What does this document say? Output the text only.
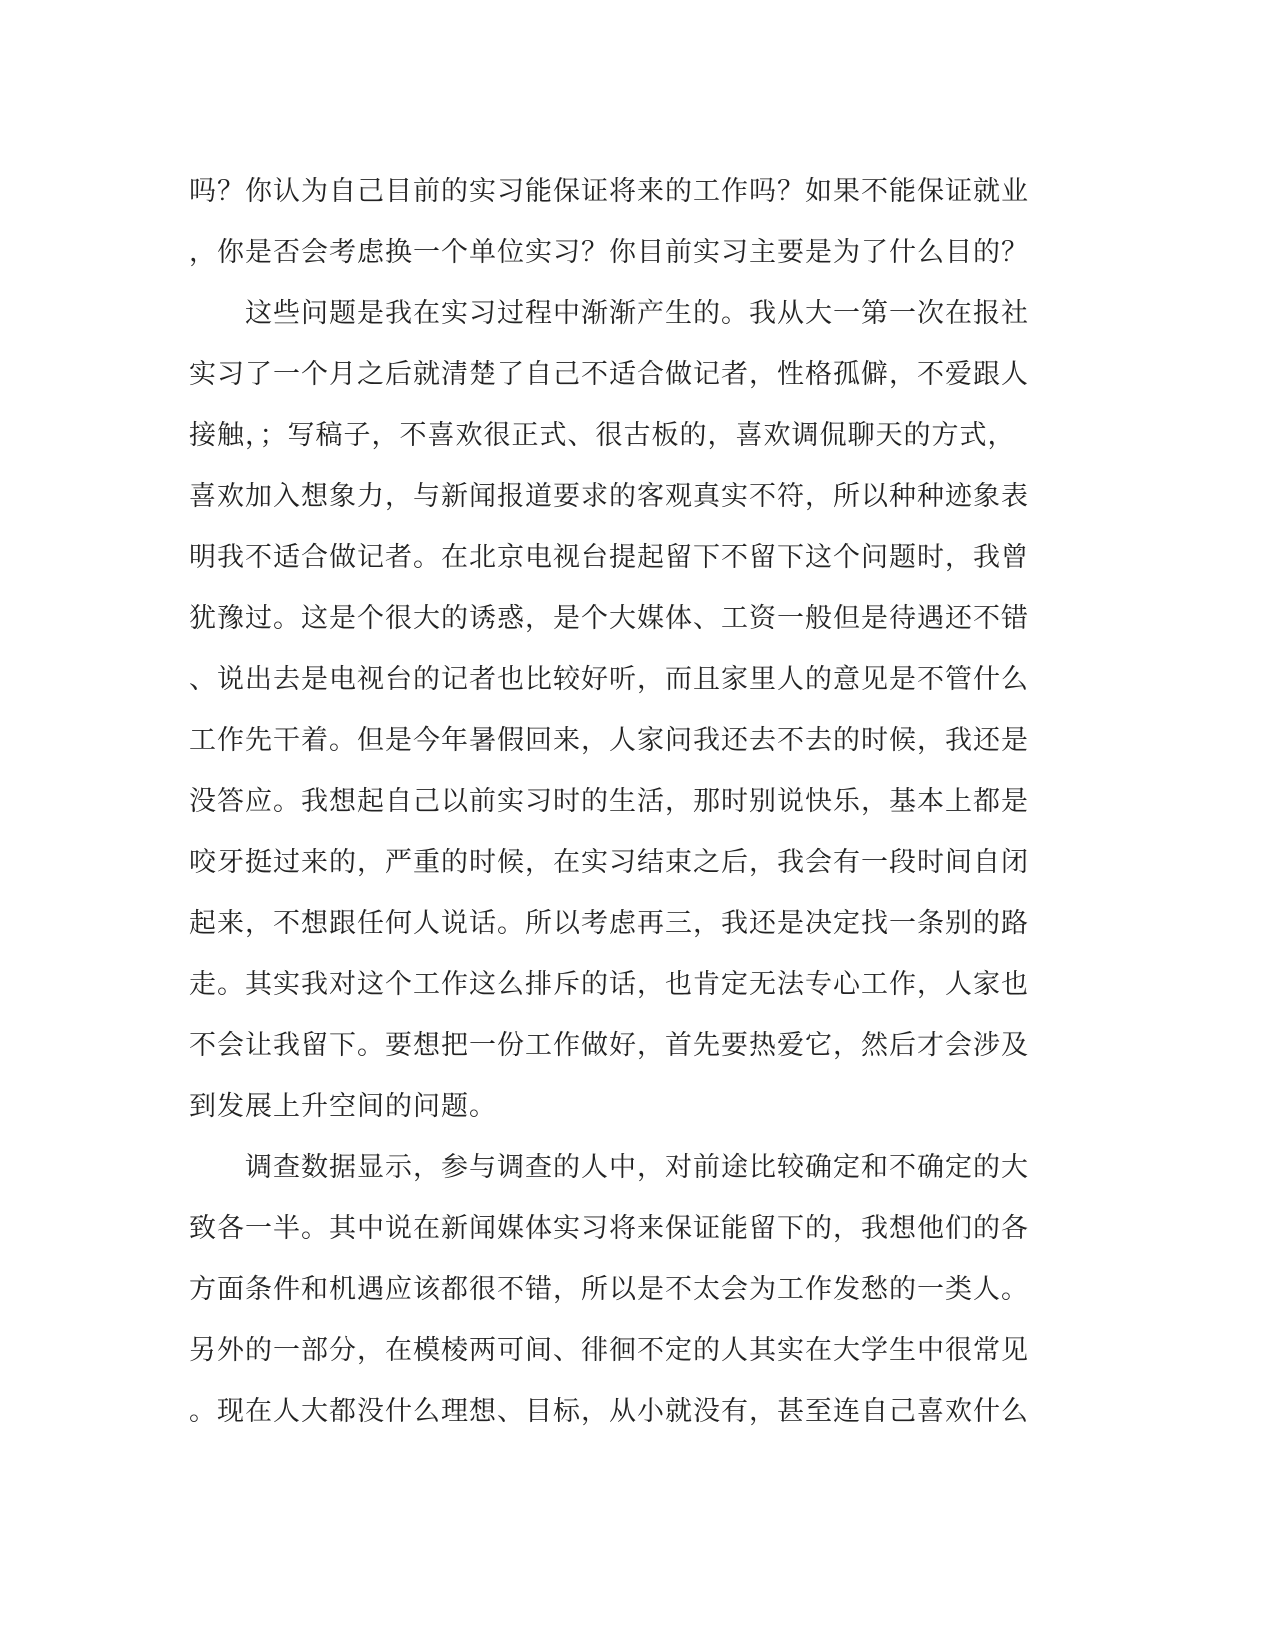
吗？你认为自己目前的实习能保证将来的工作吗？如果不能保证就业
，你是否会考虑换一个单位实习？你目前实习主要是为了什么目的？
　　这些问题是我在实习过程中渐渐产生的。我从大一第一次在报社
实习了一个月之后就清楚了自己不适合做记者，性格孤僻，不爱跟人
接触，；写稿子，不喜欢很正式、很古板的，喜欢调侃聊天的方式，
喜欢加入想象力，与新闻报道要求的客观真实不符，所以种种迹象表
明我不适合做记者。在北京电视台提起留下不留下这个问题时，我曾
犹豫过。这是个很大的诱惑，是个大媒体、工资一般但是待遇还不错
、说出去是电视台的记者也比较好听，而且家里人的意见是不管什么
工作先干着。但是今年暑假回来，人家问我还去不去的时候，我还是
没答应。我想起自己以前实习时的生活，那时别说快乐，基本上都是
咬牙挺过来的，严重的时候，在实习结束之后，我会有一段时间自闭
起来，不想跟任何人说话。所以考虑再三，我还是决定找一条别的路
走。其实我对这个工作这么排斥的话，也肯定无法专心工作，人家也
不会让我留下。要想把一份工作做好，首先要热爱它，然后才会涉及
到发展上升空间的问题。
　　调查数据显示，参与调查的人中，对前途比较确定和不确定的大
致各一半。其中说在新闻媒体实习将来保证能留下的，我想他们的各
方面条件和机遇应该都很不错，所以是不太会为工作发愁的一类人。
另外的一部分，在模棱两可间、徘徊不定的人其实在大学生中很常见
。现在人大都没什么理想、目标，从小就没有，甚至连自己喜欢什么
